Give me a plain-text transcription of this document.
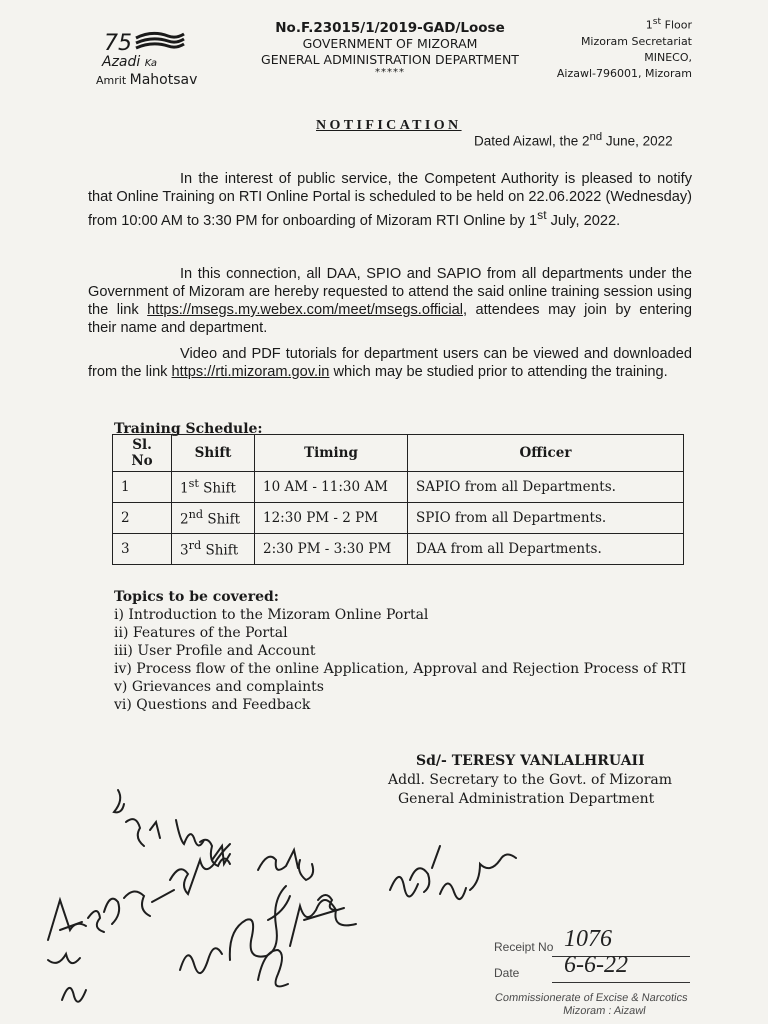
75
Azadi Ka
Amrit Mahotsav
No.F.23015/1/2019-GAD/Loose
GOVERNMENT OF MIZORAM
GENERAL ADMINISTRATION DEPARTMENT
*****
1st Floor
Mizoram Secretariat
MINECO,
Aizawl-796001, Mizoram
NOTIFICATION
Dated Aizawl, the 2nd June, 2022
In the interest of public service, the Competent Authority is pleased to notify that Online Training on RTI Online Portal is scheduled to be held on 22.06.2022 (Wednesday) from 10:00 AM to 3:30 PM for onboarding of Mizoram RTI Online by 1st July, 2022.
In this connection, all DAA, SPIO and SAPIO from all departments under the Government of Mizoram are hereby requested to attend the said online training session using the link https://msegs.my.webex.com/meet/msegs.official, attendees may join by entering their name and department.
Video and PDF tutorials for department users can be viewed and downloaded from the link https://rti.mizoram.gov.in which may be studied prior to attending the training.
Training Schedule:
Sl. No	Shift	Timing	Officer
1	1st Shift	10 AM - 11:30 AM	SAPIO from all Departments.
2	2nd Shift	12:30 PM - 2 PM	SPIO from all Departments.
3	3rd Shift	2:30 PM - 3:30 PM	DAA from all Departments.
Topics to be covered:
i) Introduction to the Mizoram Online Portal
ii) Features of the Portal
iii) User Profile and Account
iv) Process flow of the online Application, Approval and Rejection Process of RTI
v) Grievances and complaints
vi) Questions and Feedback
Sd/- TERESY VANLALHRUAII
Addl. Secretary to the Govt. of Mizoram
General Administration Department
Receipt No 1076
Date 6-6-22
Commissionerate of Excise & Narcotics
Mizoram : Aizawl
